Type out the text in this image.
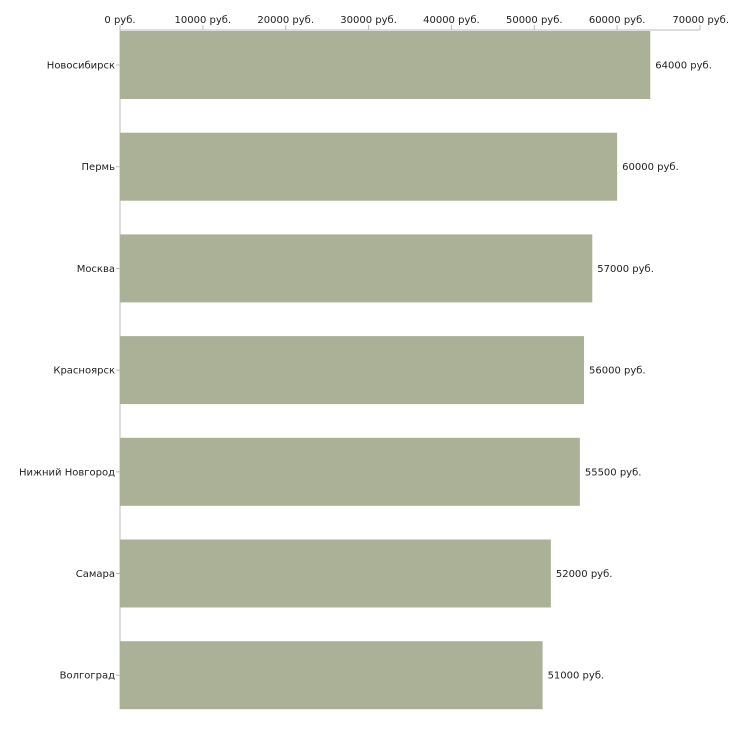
0 руб.	10000 руб.	20000 руб.	30000 руб.	40000 руб.	50000 руб.	60000 руб.	70000 руб.
Новосибирск
Пермь
Москва
Красноярск
Нижний Новгород
Самара
Волгоград
64000 руб.
60000 руб.
57000 руб.
56000 руб.
55500 руб.
52000 руб.
51000 руб.
